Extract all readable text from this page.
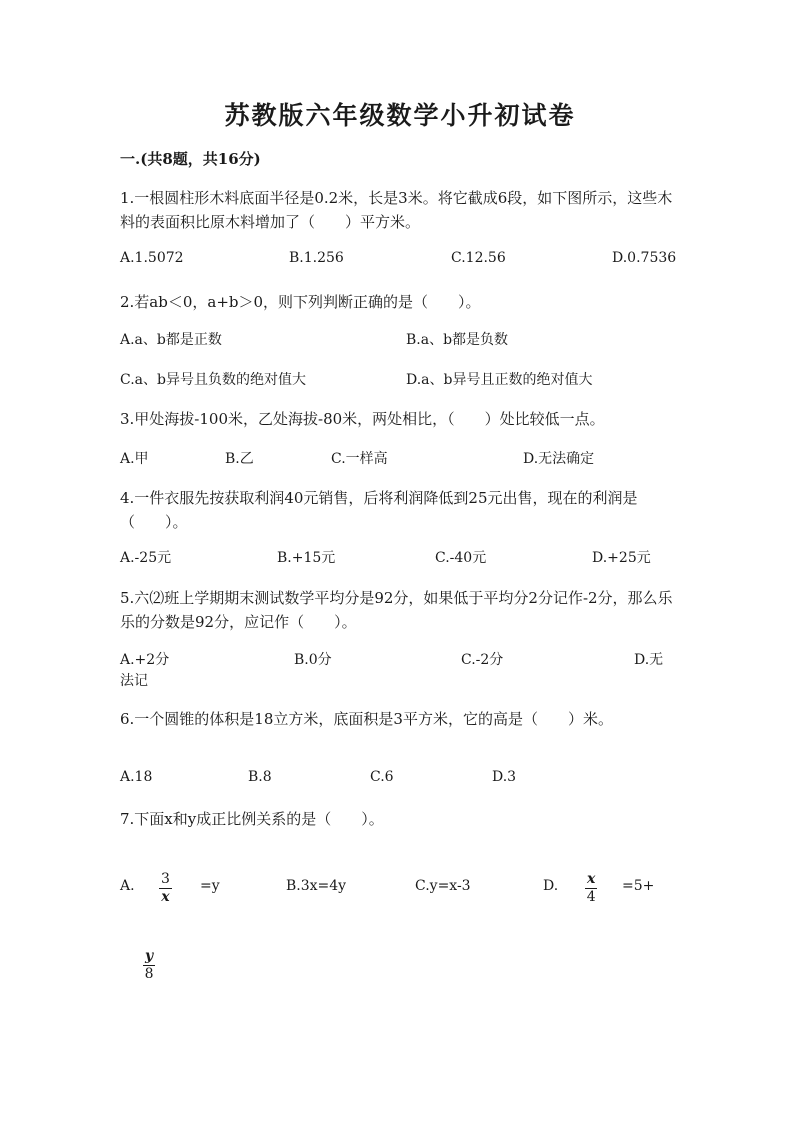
苏教版六年级数学小升初试卷
一.(共8题，共16分)
1.一根圆柱形木料底面半径是0.2米，长是3米。将它截成6段，如下图所示，这些木料的表面积比原木料增加了（　　）平方米。
A.1.5072	B.1.256	C.12.56	D.0.7536
2.若ab＜0，a+b＞0，则下列判断正确的是（　　）。
A.a、b都是正数	B.a、b都是负数
C.a、b异号且负数的绝对值大	D.a、b异号且正数的绝对值大
3.甲处海拔-100米，乙处海拔-80米，两处相比，（　　）处比较低一点。
A.甲	B.乙	C.一样高	D.无法确定
4.一件衣服先按获取利润40元销售，后将利润降低到25元出售，现在的利润是（　　）。
A.-25元	B.+15元	C.-40元	D.+25元
5.六⑵班上学期期末测试数学平均分是92分，如果低于平均分2分记作-2分，那么乐乐的分数是92分，应记作（　　）。
A.+2分	B.0分	C.-2分	D.无
法记
6.一个圆锥的体积是18立方米，底面积是3平方米，它的高是（　　）米。
A.18	B.8	C.6	D.3
7.下面x和y成正比例关系的是（　　）。
A. $\frac{3}{x} =y$	B.3x=4y	C.y=x-3	D. $\frac{x}{4} =5+$
$\frac{y}{8}$
